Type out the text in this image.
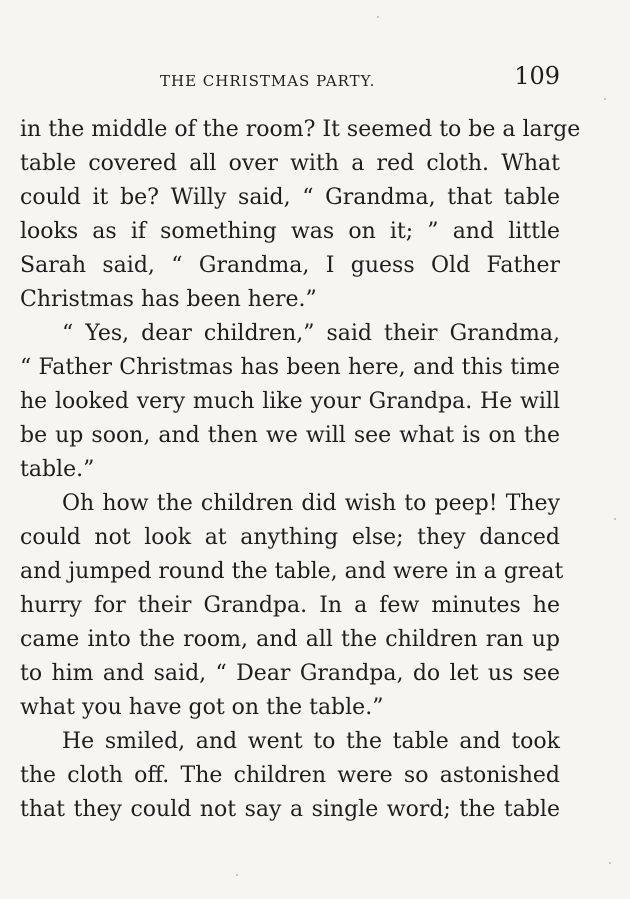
THE CHRISTMAS PARTY.	109
in the middle of the room? It seemed to be a large
table covered all over with a red cloth. What
could it be? Willy said, “ Grandma, that table
looks as if something was on it; ” and little
Sarah said, “ Grandma, I guess Old Father
Christmas has been here.”
“ Yes, dear children,” said their Grandma,
“ Father Christmas has been here, and this time
he looked very much like your Grandpa. He will
be up soon, and then we will see what is on the
table.”
Oh how the children did wish to peep! They
could not look at anything else; they danced
and jumped round the table, and were in a great
hurry for their Grandpa. In a few minutes he
came into the room, and all the children ran up
to him and said, “ Dear Grandpa, do let us see
what you have got on the table.”
He smiled, and went to the table and took
the cloth off. The children were so astonished
that they could not say a single word; the table
